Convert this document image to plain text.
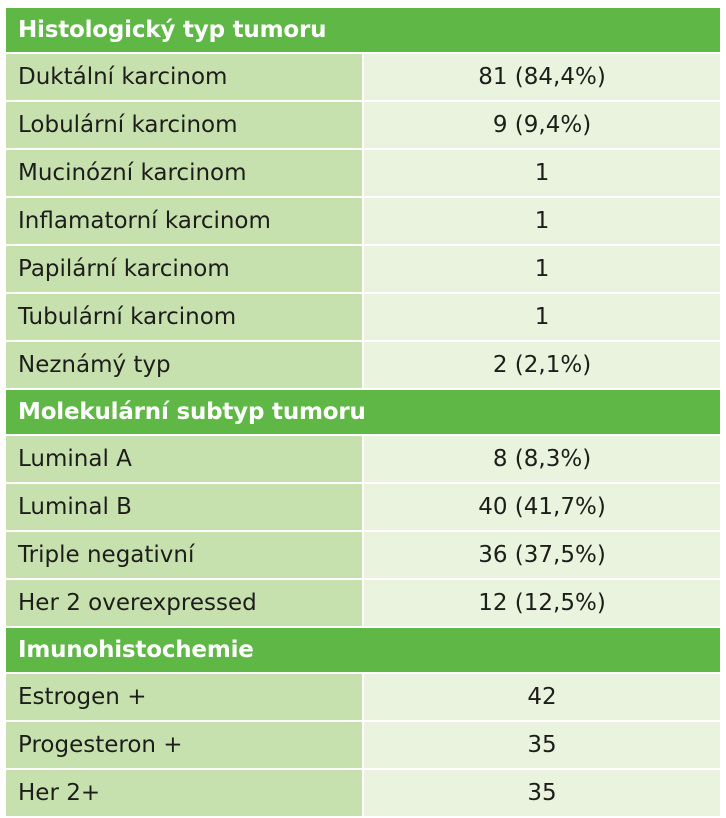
Histologický typ tumoru	
Duktální karcinom	81 (84,4%)
Lobulární karcinom	9 (9,4%)
Mucinózní karcinom	1
Inflamatorní karcinom	1
Papilární karcinom	1
Tubulární karcinom	1
Neznámý typ	2 (2,1%)
Molekulární subtyp tumoru	
Luminal A	8 (8,3%)
Luminal B	40 (41,7%)
Triple negativní	36 (37,5%)
Her 2 overexpressed	12 (12,5%)
Imunohistochemie	
Estrogen +	42
Progesteron +	35
Her 2+	35
